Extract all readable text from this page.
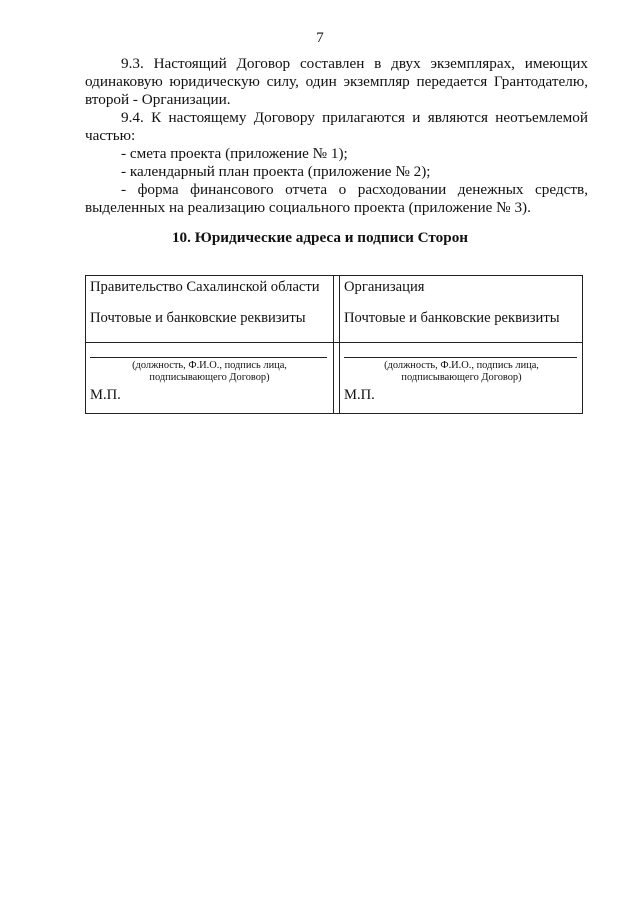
7
9.3. Настоящий Договор составлен в двух экземплярах, имеющих одинаковую юридическую силу, один экземпляр передается Грантодателю, второй - Организации.
9.4. К настоящему Договору прилагаются и являются неотъемлемой частью:
- смета проекта (приложение № 1);
- календарный план проекта (приложение № 2);
- форма финансового отчета о расходовании денежных средств, выделенных на реализацию социального проекта (приложение № 3).
10. Юридические адреса и подписи Сторон
Правительство Сахалинской области
Почтовые и банковские реквизиты
(должность, Ф.И.О., подпись лица, подписывающего Договор)
М.П.
Организация
Почтовые и банковские реквизиты
(должность, Ф.И.О., подпись лица, подписывающего Договор)
М.П.
